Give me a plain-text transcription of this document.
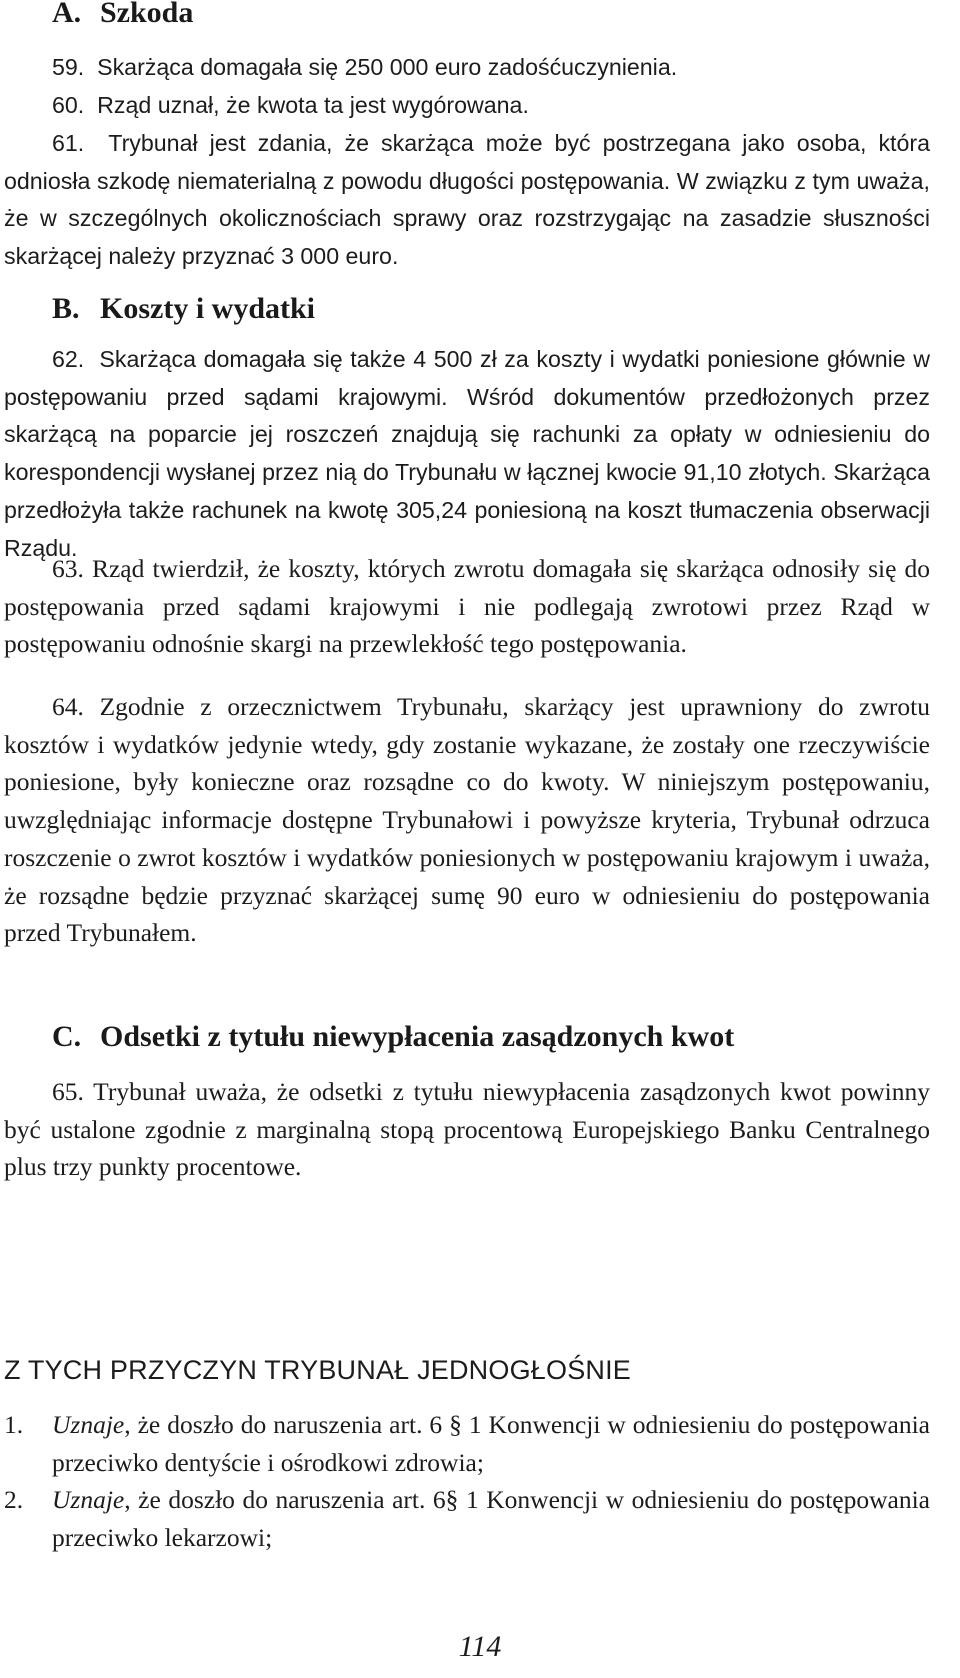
A. Szkoda
59.  Skarżąca domagała się 250 000 euro zadośćuczynienia.
60.  Rząd uznał, że kwota ta jest wygórowana.
61.  Trybunał jest zdania, że skarżąca może być postrzegana jako osoba, która odniosła szkodę niematerialną z powodu długości postępowania. W związku z tym uważa, że w szczególnych okolicznościach sprawy oraz rozstrzygając na zasadzie słuszności skarżącej należy przyznać 3 000 euro.
B. Koszty i wydatki
62.  Skarżąca domagała się także 4 500 zł za koszty i wydatki poniesione głównie w postępowaniu przed sądami krajowymi. Wśród dokumentów przedłożonych przez skarżącą na poparcie jej roszczeń znajdują się rachunki za opłaty w odniesieniu do korespondencji wysłanej przez nią do Trybunału w łącznej kwocie 91,10 złotych. Skarżąca przedłożyła także rachunek na kwotę 305,24 poniesioną na koszt tłumaczenia obserwacji Rządu.
63. Rząd twierdził, że koszty, których zwrotu domagała się skarżąca odnosiły się do postępowania przed sądami krajowymi i nie podlegają zwrotowi przez Rząd w postępowaniu odnośnie skargi na przewlekłość tego postępowania.
64. Zgodnie z orzecznictwem Trybunału, skarżący jest uprawniony do zwrotu kosztów i wydatków jedynie wtedy, gdy zostanie wykazane, że zostały one rzeczywiście poniesione, były konieczne oraz rozsądne co do kwoty. W niniejszym postępowaniu, uwzględniając informacje dostępne Trybunałowi i powyższe kryteria, Trybunał odrzuca roszczenie o zwrot kosztów i wydatków poniesionych w postępowaniu krajowym i uważa, że rozsądne będzie przyznać skarżącej sumę 90 euro w odniesieniu do postępowania przed Trybunałem.
C. Odsetki z tytułu niewypłacenia zasądzonych kwot
65. Trybunał uważa, że odsetki z tytułu niewypłacenia zasądzonych kwot powinny być ustalone zgodnie z marginalną stopą procentową Europejskiego Banku Centralnego plus trzy punkty procentowe.
Z TYCH PRZYCZYN TRYBUNAŁ JEDNOGŁOŚNIE
1. Uznaje, że doszło do naruszenia art. 6 § 1 Konwencji w odniesieniu do postępowania przeciwko dentyście i ośrodkowi zdrowia;
2. Uznaje, że doszło do naruszenia art. 6§ 1 Konwencji w odniesieniu do postępowania przeciwko lekarzowi;
114
